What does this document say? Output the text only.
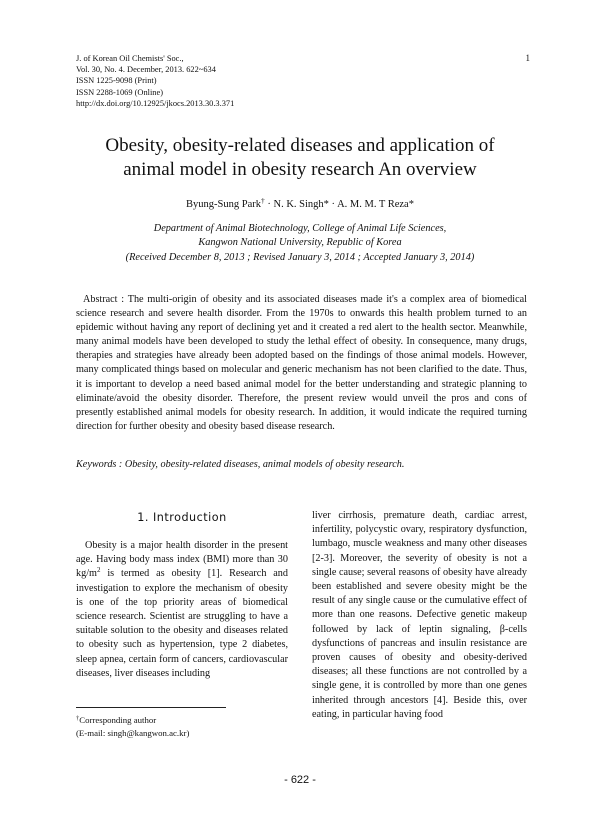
J. of Korean Oil Chemists' Soc.,
Vol. 30, No. 4. December, 2013. 622~634
ISSN 1225-9098 (Print)
ISSN 2288-1069 (Online)
http://dx.doi.org/10.12925/jkocs.2013.30.3.371
1
Obesity, obesity-related diseases and application of
animal model in obesity research An overview
Byung-Sung Park† · N. K. Singh* · A. M. M. T Reza*
Department of Animal Biotechnology, College of Animal Life Sciences,
Kangwon National University, Republic of Korea
(Received December 8, 2013 ; Revised January 3, 2014 ; Accepted January 3, 2014)
Abstract : The multi-origin of obesity and its associated diseases made it's a complex area of biomedical science research and severe health disorder. From the 1970s to onwards this health problem turned to an epidemic without having any report of declining yet and it created a red alert to the health sector. Meanwhile, many animal models have been developed to study the lethal effect of obesity. In consequence, many drugs, therapies and strategies have already been adopted based on the findings of those animal models. However, many complicated things based on molecular and generic mechanism has not been clarified to the date. Thus, it is important to develop a need based animal model for the better understanding and strategic planning to eliminate/avoid the obesity disorder. Therefore, the present review would unveil the pros and cons of presently established animal models for obesity research. In addition, it would indicate the required turning direction for further obesity and obesity based disease research.
Keywords : Obesity, obesity-related diseases, animal models of obesity research.
1. Introduction
Obesity is a major health disorder in the present age. Having body mass index (BMI) more than 30 $kg/m^2$ is termed as obesity [1]. Research and investigation to explore the mechanism of obesity is one of the top priority areas of biomedical science research. Scientist are struggling to have a suitable solution to the obesity and diseases related to obesity such as hypertension, type 2 diabetes, sleep apnea, certain form of cancers, cardiovascular diseases, liver diseases including
liver cirrhosis, premature death, cardiac arrest, infertility, polycystic ovary, respiratory dysfunction, lumbago, muscle weakness and many other diseases [2-3]. Moreover, the severity of obesity is not a single cause; several reasons of obesity have already been established and severe obesity might be the result of any single cause or the cumulative effect of more than one reasons. Defective genetic makeup followed by lack of leptin signaling, β-cells dysfunctions of pancreas and insulin resistance are proven causes of obesity and obesity-derived diseases; all these functions are not controlled by a single gene, it is controlled by more than one genes inherited through ancestors [4]. Beside this, over eating, in particular having food
†Corresponding author
(E-mail: singh@kangwon.ac.kr)
- 622 -
